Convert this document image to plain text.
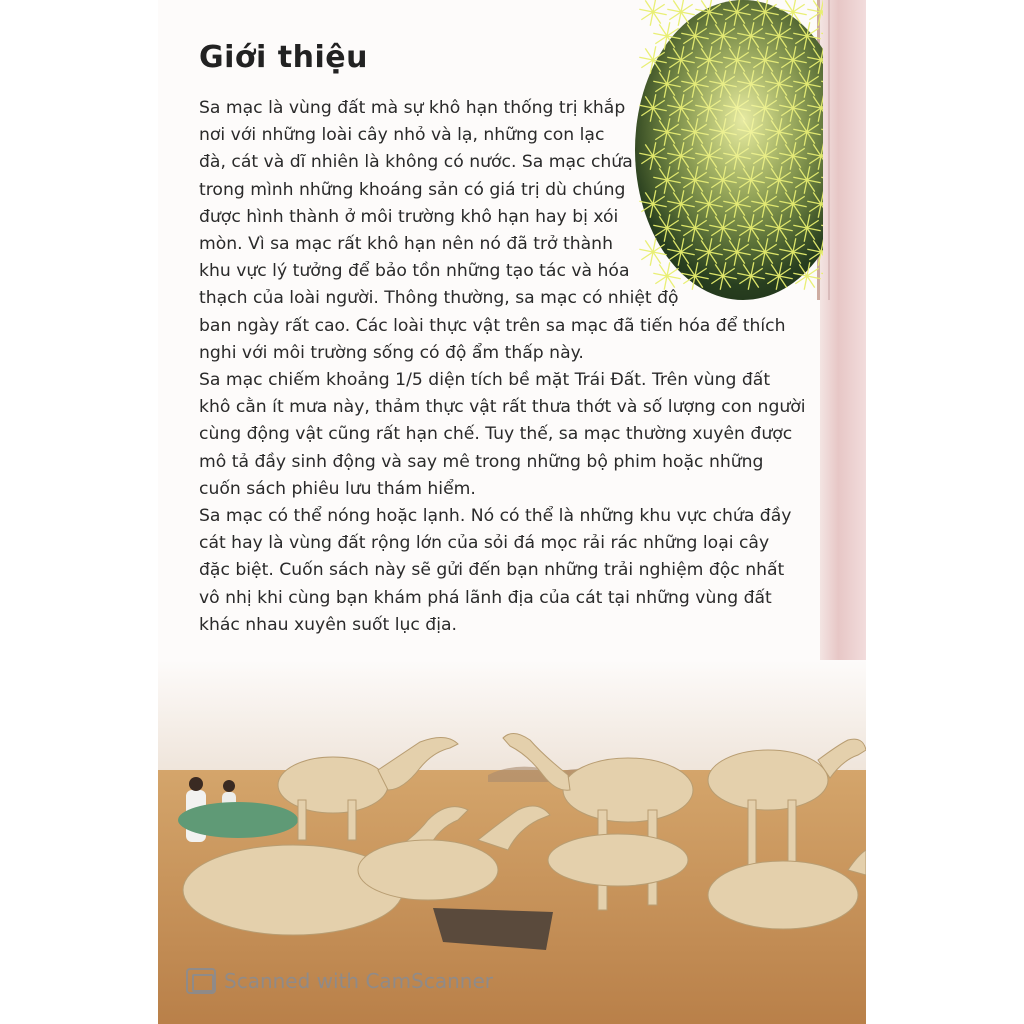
Giới thiệu
Sa mạc là vùng đất mà sự khô hạn thống trị khắp
nơi với những loài cây nhỏ và lạ, những con lạc
đà, cát và dĩ nhiên là không có nước. Sa mạc chứa
trong mình những khoáng sản có giá trị dù chúng
được hình thành ở môi trường khô hạn hay bị xói
mòn. Vì sa mạc rất khô hạn nên nó đã trở thành
khu vực lý tưởng để bảo tồn những tạo tác và hóa
thạch của loài người. Thông thường, sa mạc có nhiệt độ
ban ngày rất cao. Các loài thực vật trên sa mạc đã tiến hóa để thích
nghi với môi trường sống có độ ẩm thấp này.
Sa mạc chiếm khoảng 1/5 diện tích bề mặt Trái Đất. Trên vùng đất
khô cằn ít mưa này, thảm thực vật rất thưa thớt và số lượng con người
cùng động vật cũng rất hạn chế. Tuy thế, sa mạc thường xuyên được
mô tả đầy sinh động và say mê trong những bộ phim hoặc những
cuốn sách phiêu lưu thám hiểm.
Sa mạc có thể nóng hoặc lạnh. Nó có thể là những khu vực chứa đầy
cát hay là vùng đất rộng lớn của sỏi đá mọc rải rác những loại cây
đặc biệt. Cuốn sách này sẽ gửi đến bạn những trải nghiệm độc nhất
vô nhị khi cùng bạn khám phá lãnh địa của cát tại những vùng đất
khác nhau xuyên suốt lục địa.
Scanned with CamScanner
